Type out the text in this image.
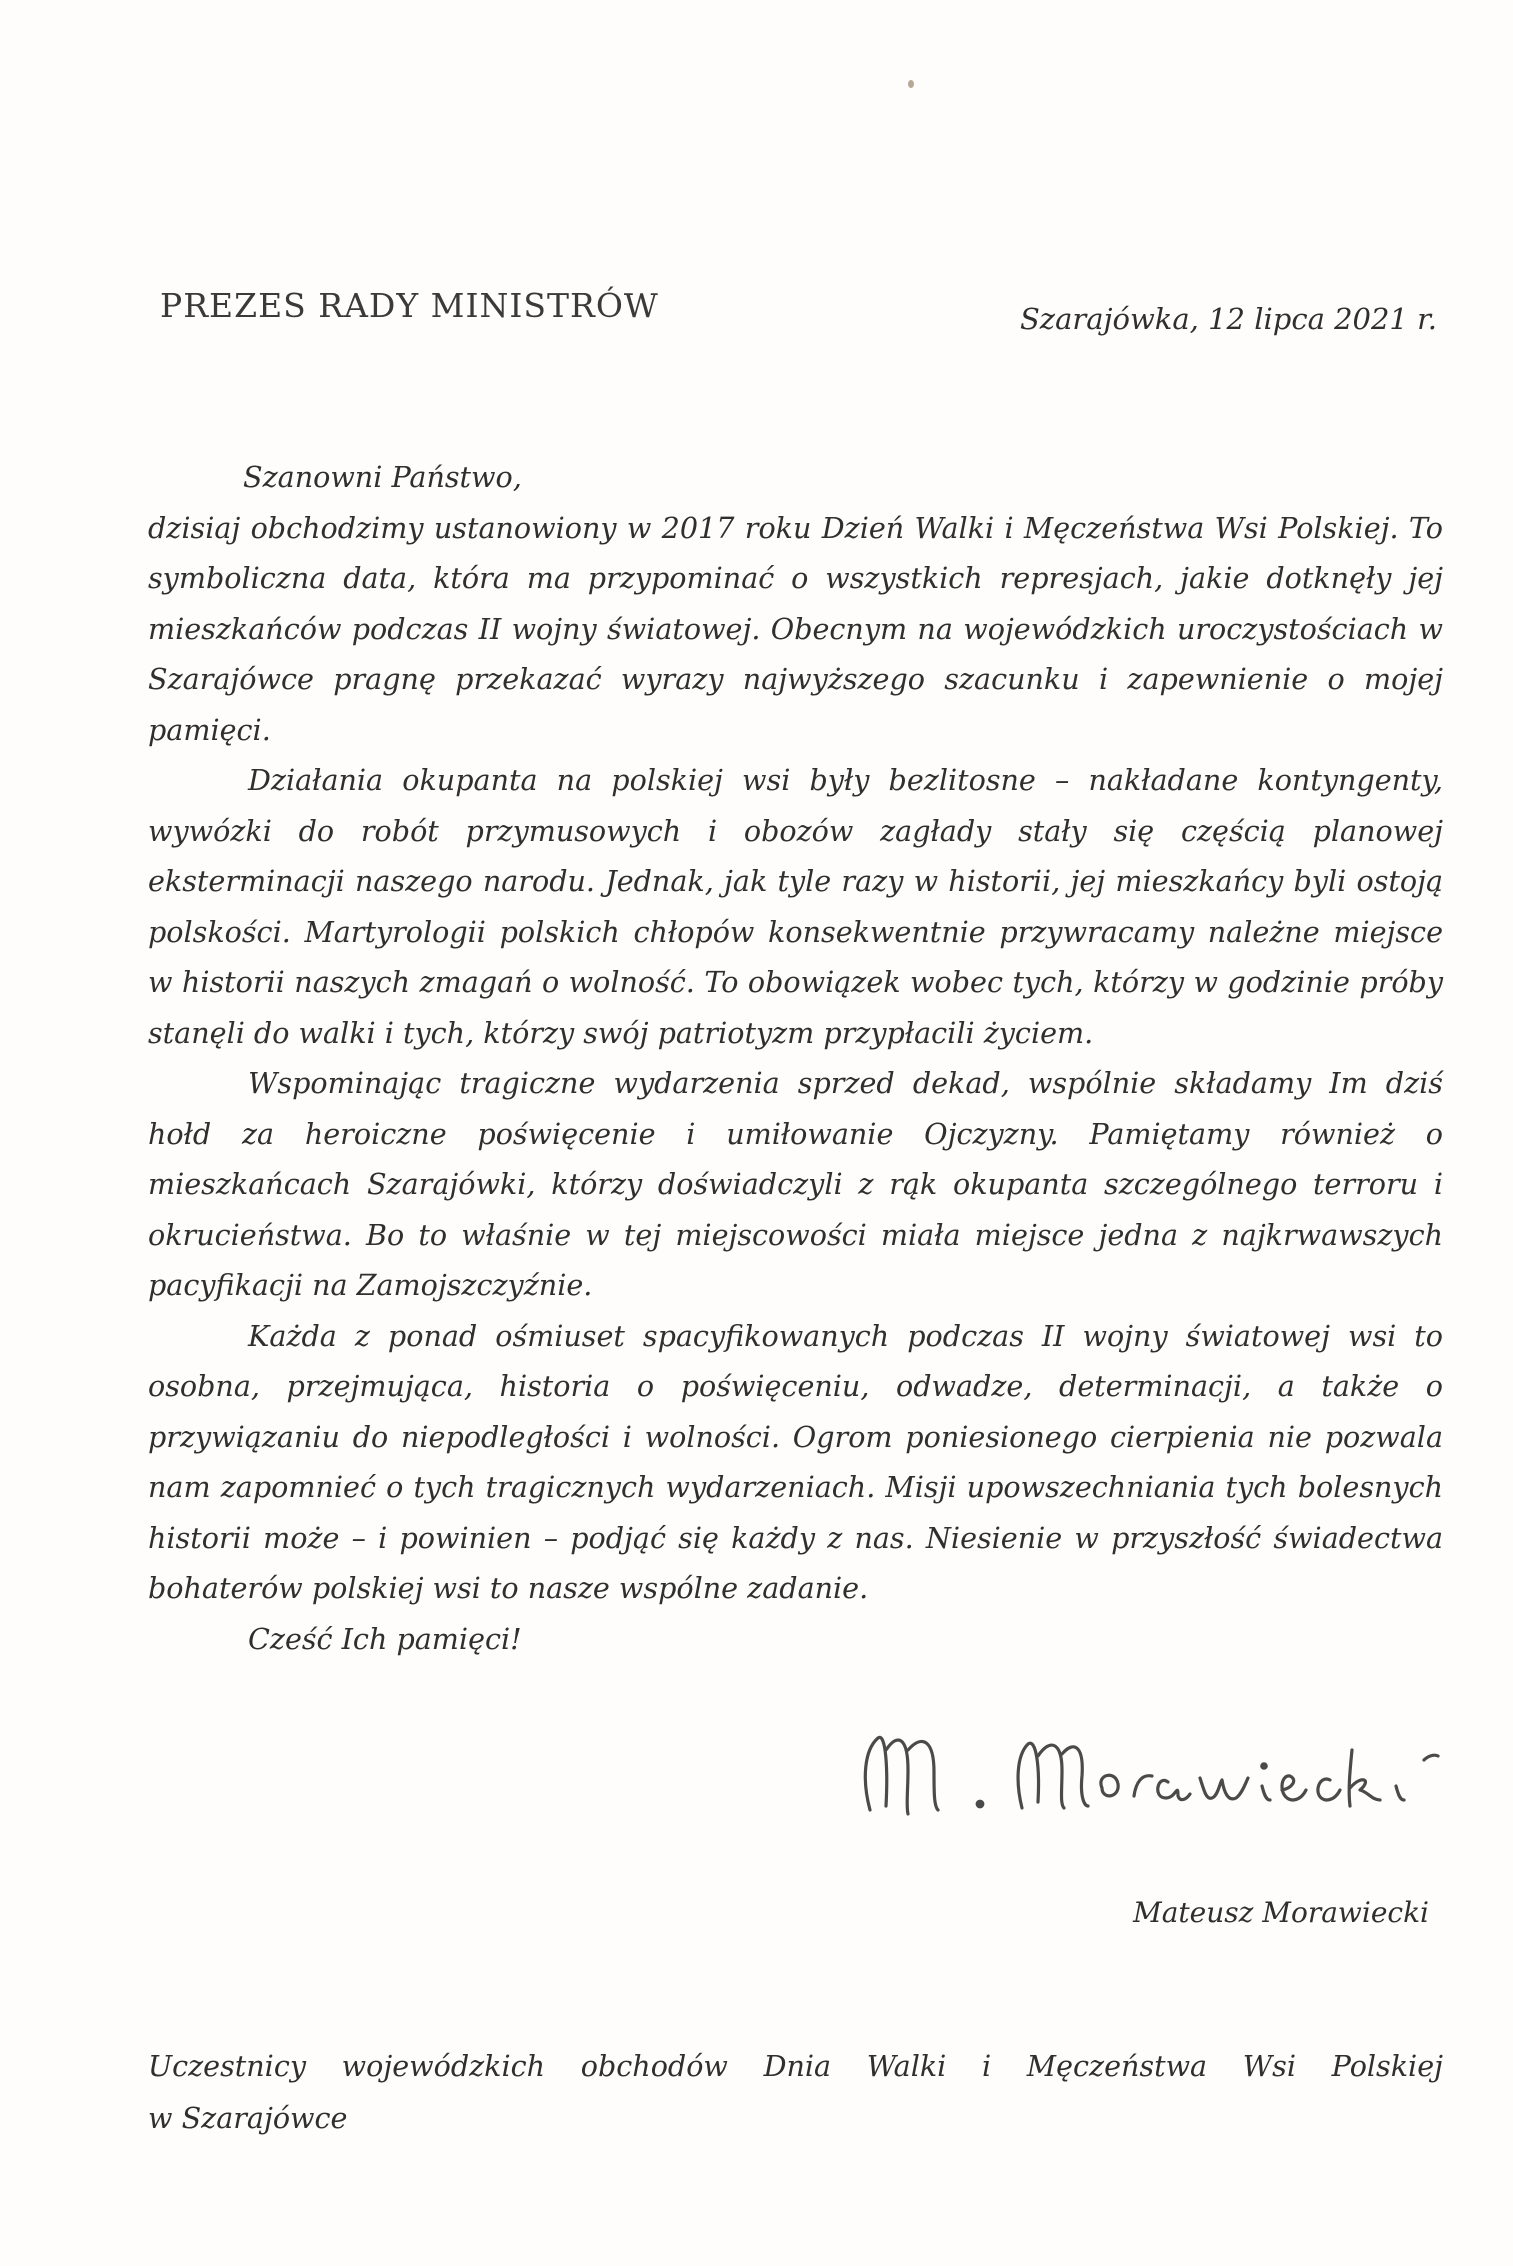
PREZES RADY MINISTRÓW	Szarajówka, 12 lipca 2021 r.

Szanowni Państwo,

dzisiaj obchodzimy ustanowiony w 2017 roku Dzień Walki i Męczeństwa Wsi Polskiej. To symboliczna data, która ma przypominać o wszystkich represjach, jakie dotknęły jej mieszkańców podczas II wojny światowej. Obecnym na wojewódzkich uroczystościach w Szarajówce pragnę przekazać wyrazy najwyższego szacunku i zapewnienie o mojej pamięci.

Działania okupanta na polskiej wsi były bezlitosne – nakładane kontyngenty, wywózki do robót przymusowych i obozów zagłady stały się częścią planowej eksterminacji naszego narodu. Jednak, jak tyle razy w historii, jej mieszkańcy byli ostoją polskości. Martyrologii polskich chłopów konsekwentnie przywracamy należne miejsce w historii naszych zmagań o wolność. To obowiązek wobec tych, którzy w godzinie próby stanęli do walki i tych, którzy swój patriotyzm przypłacili życiem.

Wspominając tragiczne wydarzenia sprzed dekad, wspólnie składamy Im dziś hołd za heroiczne poświęcenie i umiłowanie Ojczyzny. Pamiętamy również o mieszkańcach Szarajówki, którzy doświadczyli z rąk okupanta szczególnego terroru i okrucieństwa. Bo to właśnie w tej miejscowości miała miejsce jedna z najkrwawszych pacyfikacji na Zamojszczyźnie.

Każda z ponad ośmiuset spacyfikowanych podczas II wojny światowej wsi to osobna, przejmująca, historia o poświęceniu, odwadze, determinacji, a także o przywiązaniu do niepodległości i wolności. Ogrom poniesionego cierpienia nie pozwala nam zapomnieć o tych tragicznych wydarzeniach. Misji upowszechniania tych bolesnych historii może – i powinien – podjąć się każdy z nas. Niesienie w przyszłość świadectwa bohaterów polskiej wsi to nasze wspólne zadanie.

Cześć Ich pamięci!

Mateusz Morawiecki

Uczestnicy wojewódzkich obchodów Dnia Walki i Męczeństwa Wsi Polskiej

w Szarajówce
